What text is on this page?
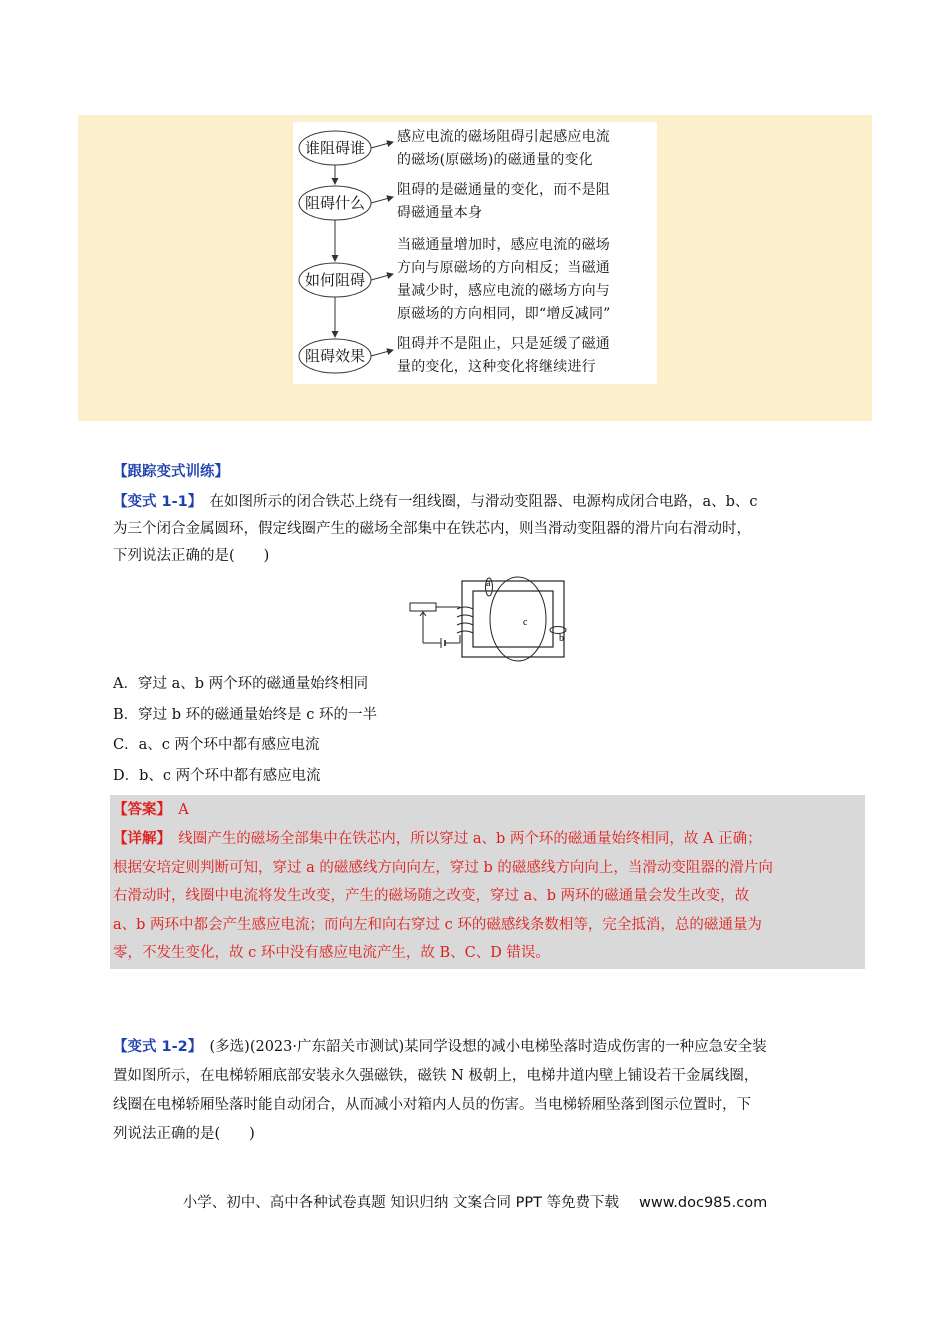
谁阻碍谁
阻碍什么
如何阻碍
阻碍效果
感应电流的磁场阻碍引起感应电流
的磁场(原磁场)的磁通量的变化
阻碍的是磁通量的变化，而不是阻
碍磁通量本身
当磁通量增加时，感应电流的磁场
方向与原磁场的方向相反；当磁通
量减少时，感应电流的磁场方向与
原磁场的方向相同，即“增反减同”
阻碍并不是阻止，只是延缓了磁通
量的变化，这种变化将继续进行
【跟踪变式训练】
【变式 1-1】　 在如图所示的闭合铁芯上绕有一组线圈，与滑动变阻器、电源构成闭合电路，a、b、c
为三个闭合金属圆环，假定线圈产生的磁场全部集中在铁芯内，则当滑动变阻器的滑片向右滑动时，
下列说法正确的是(　　)
a
c
b
A．穿过 a、b 两个环的磁通量始终相同
B．穿过 b 环的磁通量始终是 c 环的一半
C．a、c 两个环中都有感应电流
D．b、c 两个环中都有感应电流
【答案】　 A
【详解】　 线圈产生的磁场全部集中在铁芯内，所以穿过 a、b 两个环的磁通量始终相同，故 A 正确；
根据安培定则判断可知，穿过 a 的磁感线方向向左，穿过 b 的磁感线方向向上，当滑动变阻器的滑片向
右滑动时，线圈中电流将发生改变，产生的磁场随之改变，穿过 a、b 两环的磁通量会发生改变，故
a、b 两环中都会产生感应电流；而向左和向右穿过 c 环的磁感线条数相等，完全抵消，总的磁通量为
零，不发生变化，故 c 环中没有感应电流产生，故 B、C、D 错误。
【变式 1-2】　 (多选)(2023·广东韶关市测试)某同学设想的减小电梯坠落时造成伤害的一种应急安全装
置如图所示，在电梯轿厢底部安装永久强磁铁，磁铁 N 极朝上，电梯井道内壁上铺设若干金属线圈，
线圈在电梯轿厢坠落时能自动闭合，从而减小对箱内人员的伤害。当电梯轿厢坠落到图示位置时，下
列说法正确的是(　　)
小学、初中、高中各种试卷真题 知识归纳 文案合同 PPT 等免费下载 www.doc985.com
